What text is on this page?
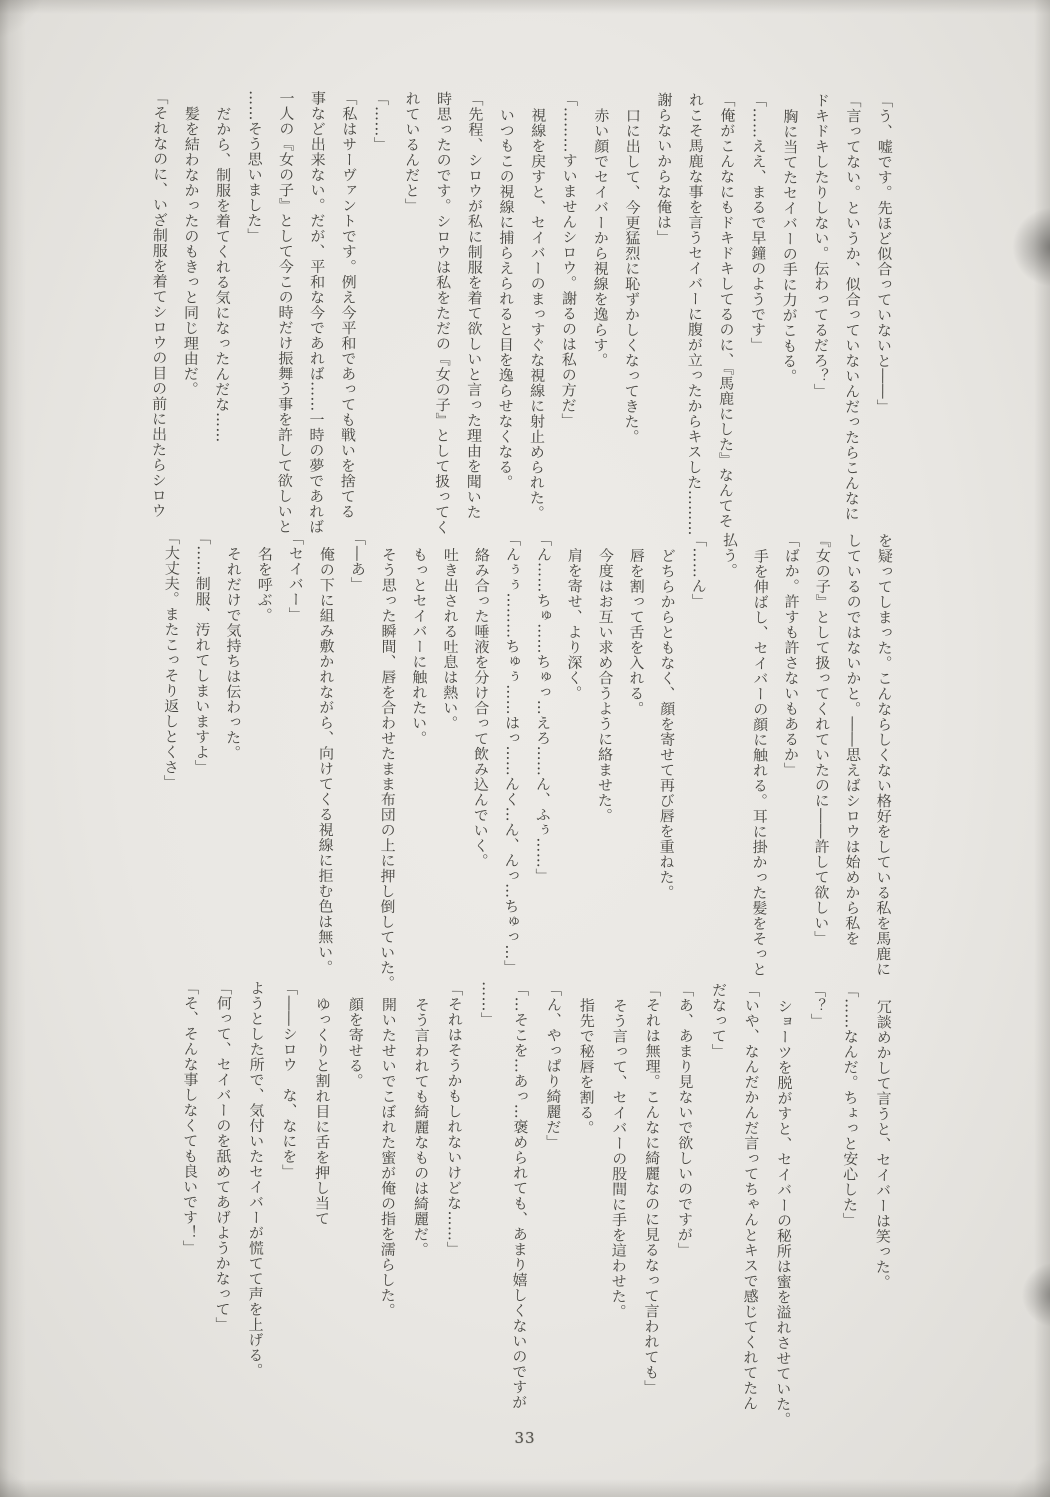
「う、嘘です。先ほど似合っていないと――」

「言ってない。というか、似合っていないんだったらこんなに

ドキドキしたりしない。伝わってるだろ？」

胸に当てたセイバーの手に力がこもる。

「……ええ、まるで早鐘のようです」

「俺がこんなにもドキドキしてるのに、『馬鹿にした』なんてそ

れこそ馬鹿な事を言うセイバーに腹が立ったからキスした………

謝らないからな俺は」

口に出して、今更猛烈に恥ずかしくなってきた。

赤い顔でセイバーから視線を逸らす。

「………すいませんシロウ。謝るのは私の方だ」

視線を戻すと、セイバーのまっすぐな視線に射止められた。

いつもこの視線に捕らえられると目を逸らせなくなる。

「先程、シロウが私に制服を着て欲しいと言った理由を聞いた

時思ったのです。シロウは私をただの『女の子』として扱ってく

れているんだと」

「……」

「私はサーヴァントです。例え今平和であっても戦いを捨てる

事など出来ない。だが、平和な今であれば……一時の夢であれば

一人の『女の子』として今この時だけ振舞う事を許して欲しいと

……そう思いました」

だから、制服を着てくれる気になったんだな……

髪を結わなかったのもきっと同じ理由だ。

「それなのに、いざ制服を着てシロウの目の前に出たらシロウ

を疑ってしまった。こんならしくない格好をしている私を馬鹿に

しているのではないかと。――思えばシロウは始めから私を

『女の子』として扱ってくれていたのに――許して欲しい」

「ばか。許すも許さないもあるか」

手を伸ばし、セイバーの顔に触れる。耳に掛かった髪をそっと

払う。

「……ん」

どちらからともなく、顔を寄せて再び唇を重ねた。

唇を割って舌を入れる。

今度はお互い求め合うように絡ませた。

肩を寄せ、より深く。

「ん……ちゅ……ちゅっ…えろ……ん、ふぅ……」

「んぅぅ………ちゅぅ……はっ……んく…ん、んっ…ちゅっ…」

絡み合った唾液を分け合って飲み込んでいく。

吐き出される吐息は熱い。

もっとセイバーに触れたい。

そう思った瞬間、唇を合わせたまま布団の上に押し倒していた。

「―あ」

俺の下に組み敷かれながら、向けてくる視線に拒む色は無い。

「セイバー」

名を呼ぶ。

それだけで気持ちは伝わった。

「……制服、汚れてしまいますよ」

「大丈夫。またこっそり返しとくさ」

冗談めかして言うと、セイバーは笑った。

「……なんだ。ちょっと安心した」

「？」

ショーツを脱がすと、セイバーの秘所は蜜を溢れさせていた。

「いや、なんだかんだ言ってちゃんとキスで感じてくれてたん

だなって」

「あ、あまり見ないで欲しいのですが」

「それは無理。こんなに綺麗なのに見るなって言われても」

そう言って、セイバーの股間に手を這わせた。

指先で秘唇を割る。

「ん、やっぱり綺麗だ」

「…そこを…あっ…褒められても、あまり嬉しくないのですが

……」

「それはそうかもしれないけどな……」

そう言われても綺麗なものは綺麗だ。

開いたせいでこぼれた蜜が俺の指を濡らした。

顔を寄せる。

ゆっくりと割れ目に舌を押し当て

「――シロウ　な、なにを」

ようとした所で、気付いたセイバーが慌てて声を上げる。

「何って、セイバーのを舐めてあげようかなって」

「そ、そんな事しなくても良いです！」

33
